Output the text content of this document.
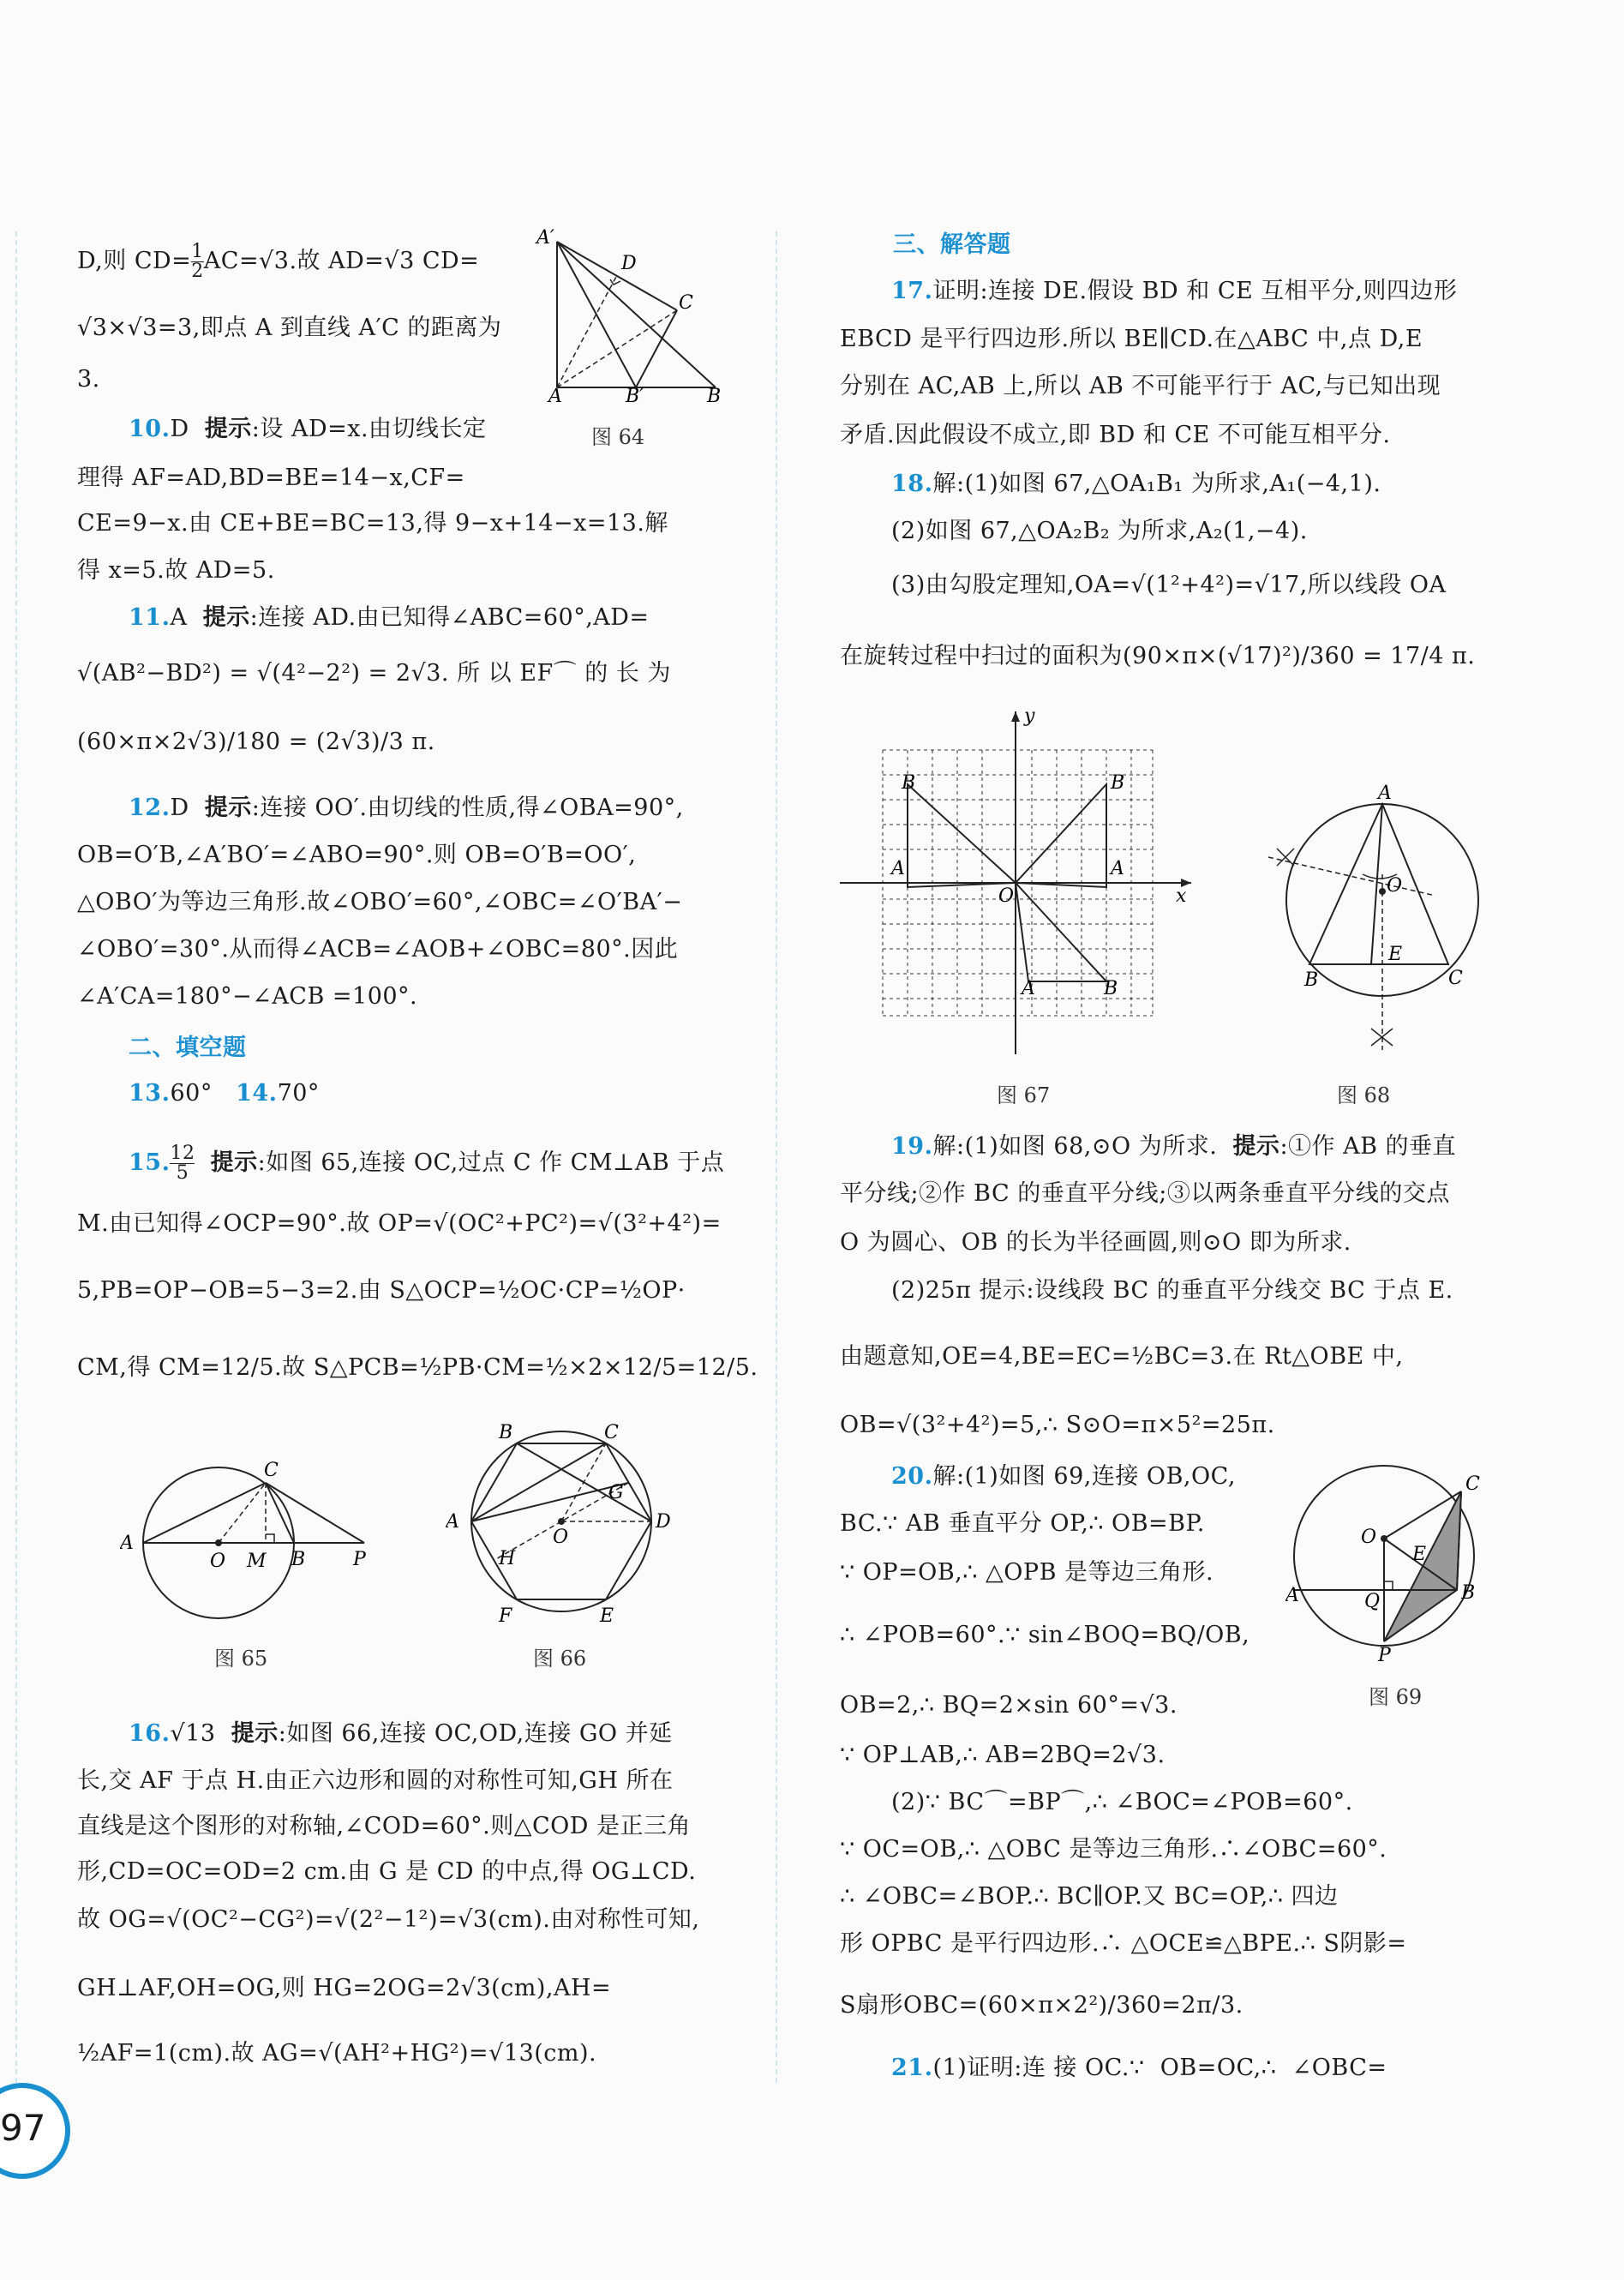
D,则 CD= 1
2AC=√3.故 AD=√3 CD=
√3×√3=3,即点 A 到直线 A′C 的距离为
3.
A′
D
C
A	B′	B
图 64
10.D  提示:设 AD=x.由切线长定
理得 AF=AD,BD=BE=14−x,CF=
CE=9−x.由 CE+BE=BC=13,得 9−x+14−x=13.解
得 x=5.故 AD=5.
11.A  提示:连接 AD.由已知得∠ABC=60°,AD=
√(AB²−BD²) = √(4²−2²) = 2√3. 所 以 EF⌒ 的 长 为
(60×π×2√3)/180 = (2√3)/3 π.
12.D  提示:连接 OO′.由切线的性质,得∠OBA=90°,
OB=O′B,∠A′BO′=∠ABO=90°.则 OB=O′B=OO′,
△OBO′为等边三角形.故∠OBO′=60°,∠OBC=∠O′BA′−
∠OBO′=30°.从而得∠ACB=∠AOB+∠OBC=80°.因此
∠A′CA=180°−∠ACB =100°.
二、填空题
13.60°   14.70°
15. 12
5 提示:如图 65,连接 OC,过点 C 作 CM⊥AB 于点
M.由已知得∠OCP=90°.故 OP=√(OC²+PC²)=√(3²+4²)=
5,PB=OP−OB=5−3=2.由 S△OCP=½OC·CP=½OP·
CM,得 CM=12/5.故 S△PCB=½PB·CM=½×2×12/5=12/5.
C
A
O M B	P
图 65
B	C
A	D
G
O
H
F	E
图 66
16.√13  提示:如图 66,连接 OC,OD,连接 GO 并延
长,交 AF 于点 H.由正六边形和圆的对称性可知,GH 所在
直线是这个图形的对称轴,∠COD=60°.则△COD 是正三角
形,CD=OC=OD=2 cm.由 G 是 CD 的中点,得 OG⊥CD.
故 OG=√(OC²−CG²)=√(2²−1²)=√3(cm).由对称性可知,
GH⊥AF,OH=OG,则 HG=2OG=2√3(cm),AH=
½AF=1(cm).故 AG=√(AH²+HG²)=√13(cm).
三、解答题
17.证明:连接 DE.假设 BD 和 CE 互相平分,则四边形
EBCD 是平行四边形.所以 BE∥CD.在△ABC 中,点 D,E
分别在 AC,AB 上,所以 AB 不可能平行于 AC,与已知出现
矛盾.因此假设不成立,即 BD 和 CE 不可能互相平分.
18.解:(1)如图 67,△OA₁B₁ 为所求,A₁(−4,1).
(2)如图 67,△OA₂B₂ 为所求,A₂(1,−4).
(3)由勾股定理知,OA=√(1²+4²)=√17,所以线段 OA
在旋转过程中扫过的面积为(90×π×(√17)²)/360 = 17/4 π.
y
x
O
B
A
B
A
A	B
图 67
A
O
E
B	C
图 68
19.解:(1)如图 68,⊙O 为所求.  提示:①作 AB 的垂直
平分线;②作 BC 的垂直平分线;③以两条垂直平分线的交点
O 为圆心、OB 的长为半径画圆,则⊙O 即为所求.
(2)25π 提示:设线段 BC 的垂直平分线交 BC 于点 E.
由题意知,OE=4,BE=EC=½BC=3.在 Rt△OBE 中,
OB=√(3²+4²)=5,∴ S⊙O=π×5²=25π.
20.解:(1)如图 69,连接 OB,OC,
BC.∵ AB 垂直平分 OP,∴ OB=BP.
∵ OP=OB,∴ △OPB 是等边三角形.
∴ ∠POB=60°.∵ sin∠BOQ=BQ/OB,
OB=2,∴ BQ=2×sin 60°=√3.
C
O
E
A	Q	B
P
图 69
∵ OP⊥AB,∴ AB=2BQ=2√3.
(2)∵ BC⌒=BP⌒,∴ ∠BOC=∠POB=60°.
∵ OC=OB,∴ △OBC 是等边三角形.∴∠OBC=60°.
∴ ∠OBC=∠BOP.∴ BC∥OP.又 BC=OP,∴ 四边
形 OPBC 是平行四边形.∴ △OCE≌△BPE.∴ S阴影=
S扇形OBC=(60×π×2²)/360=2π/3.
21.(1)证明:连 接 OC.∵  OB=OC,∴  ∠OBC=
97
